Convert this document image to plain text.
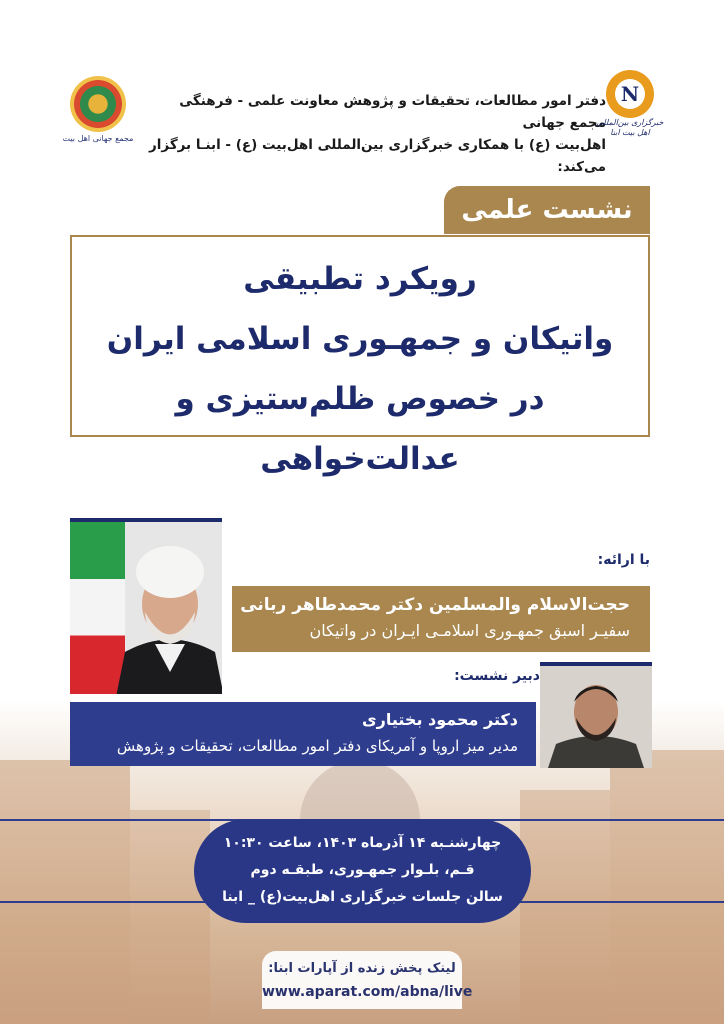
مجمع جهانی اهل بیت
دفتر امور مطالعات، تحقیقات و پژوهش معاونت علمی - فرهنگی مجمع جهانی
اهل‌بیت (ع) با همکاری خبرگزاری بین‌المللی اهل‌بیت (ع) - ابنـا برگزار می‌کند:
N
خبرگزاری بین‌المللی اهل بیت ابنا
نشست علمی
رویکرد تطبیقی
واتیکان و جمهـوری اسلامی ایران
در خصوص ظلم‌ستیزی و عدالت‌خواهی
با ارائه:
حجت‌الاسلام والمسلمین دکتر محمدطاهر ربانی
سفیـر اسبق جمهـوری اسلامـی ایـران در واتیکان
دبیر نشست:
دکتر محمود بختیاری
مدیر میز اروپا و آمریکای دفتر امور مطالعات، تحقیقات و پژوهش
چهارشنـبه ۱۴ آذرماه ۱۴۰۳، ساعت ۱۰:۳۰
قـم، بلـوار جمهـوری، طبقـه دوم
سالن جلسات خبرگزاری اهل‌بیت(ع) _ ابنا
لینک پخش زنده از آپارات ابنا:
www.aparat.com/abna/live
